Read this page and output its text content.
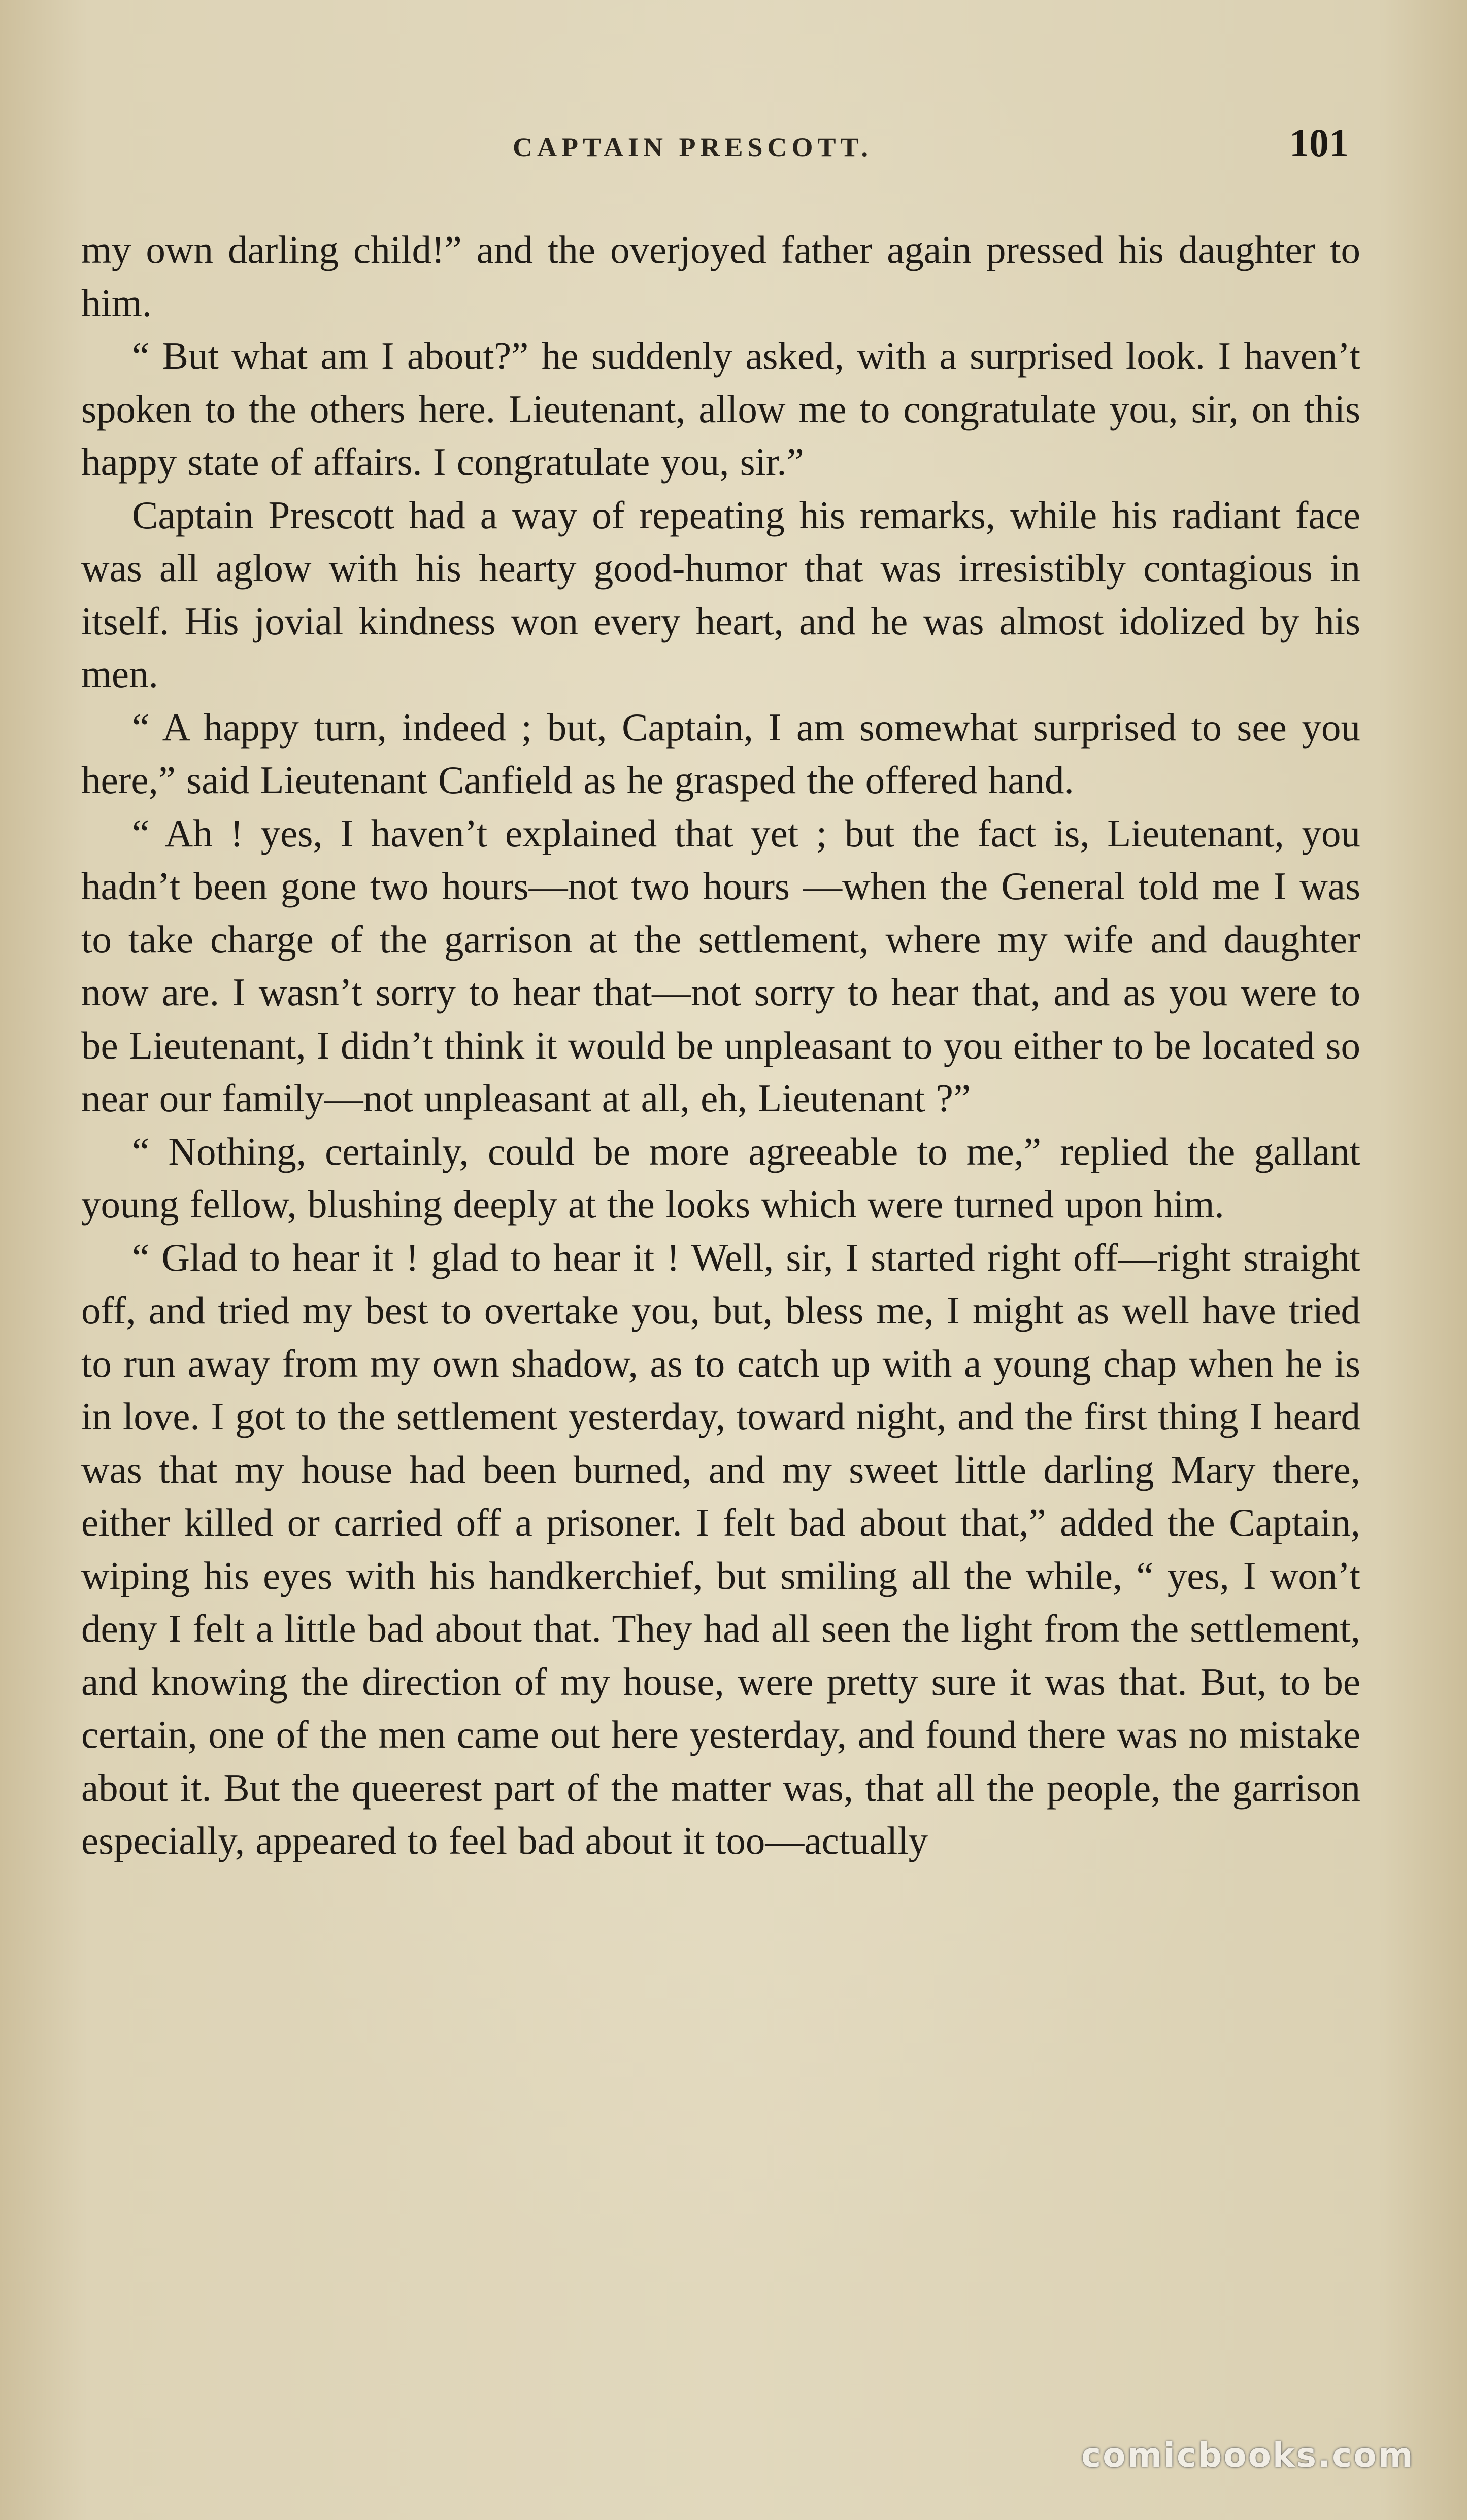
CAPTAIN PRESCOTT.	101

my own darling child!” and the overjoyed father again pressed his daughter to him.

“ But what am I about?” he suddenly asked, with a surprised look. I haven’t spoken to the others here. Lieutenant, allow me to congratulate you, sir, on this happy state of affairs. I congratulate you, sir.”

Captain Prescott had a way of repeating his remarks, while his radiant face was all aglow with his hearty good-humor that was irresistibly contagious in itself. His jovial kindness won every heart, and he was almost idolized by his men.

“ A happy turn, indeed ; but, Captain, I am somewhat surprised to see you here,” said Lieutenant Canfield as he grasped the offered hand.

“ Ah ! yes, I haven’t explained that yet ; but the fact is, Lieutenant, you hadn’t been gone two hours—not two hours —when the General told me I was to take charge of the garrison at the settlement, where my wife and daughter now are. I wasn’t sorry to hear that—not sorry to hear that, and as you were to be Lieutenant, I didn’t think it would be unpleasant to you either to be located so near our family—not unpleasant at all, eh, Lieutenant ?”

“ Nothing, certainly, could be more agreeable to me,” replied the gallant young fellow, blushing deeply at the looks which were turned upon him.

“ Glad to hear it ! glad to hear it ! Well, sir, I started right off—right straight off, and tried my best to overtake you, but, bless me, I might as well have tried to run away from my own shadow, as to catch up with a young chap when he is in love. I got to the settlement yesterday, toward night, and the first thing I heard was that my house had been burned, and my sweet little darling Mary there, either killed or carried off a prisoner. I felt bad about that,” added the Captain, wiping his eyes with his handkerchief, but smiling all the while, “ yes, I won’t deny I felt a little bad about that. They had all seen the light from the settlement, and knowing the direction of my house, were pretty sure it was that. But, to be certain, one of the men came out here yesterday, and found there was no mistake about it. But the queerest part of the matter was, that all the people, the garrison especially, appeared to feel bad about it too—actually

comicbooks.com
